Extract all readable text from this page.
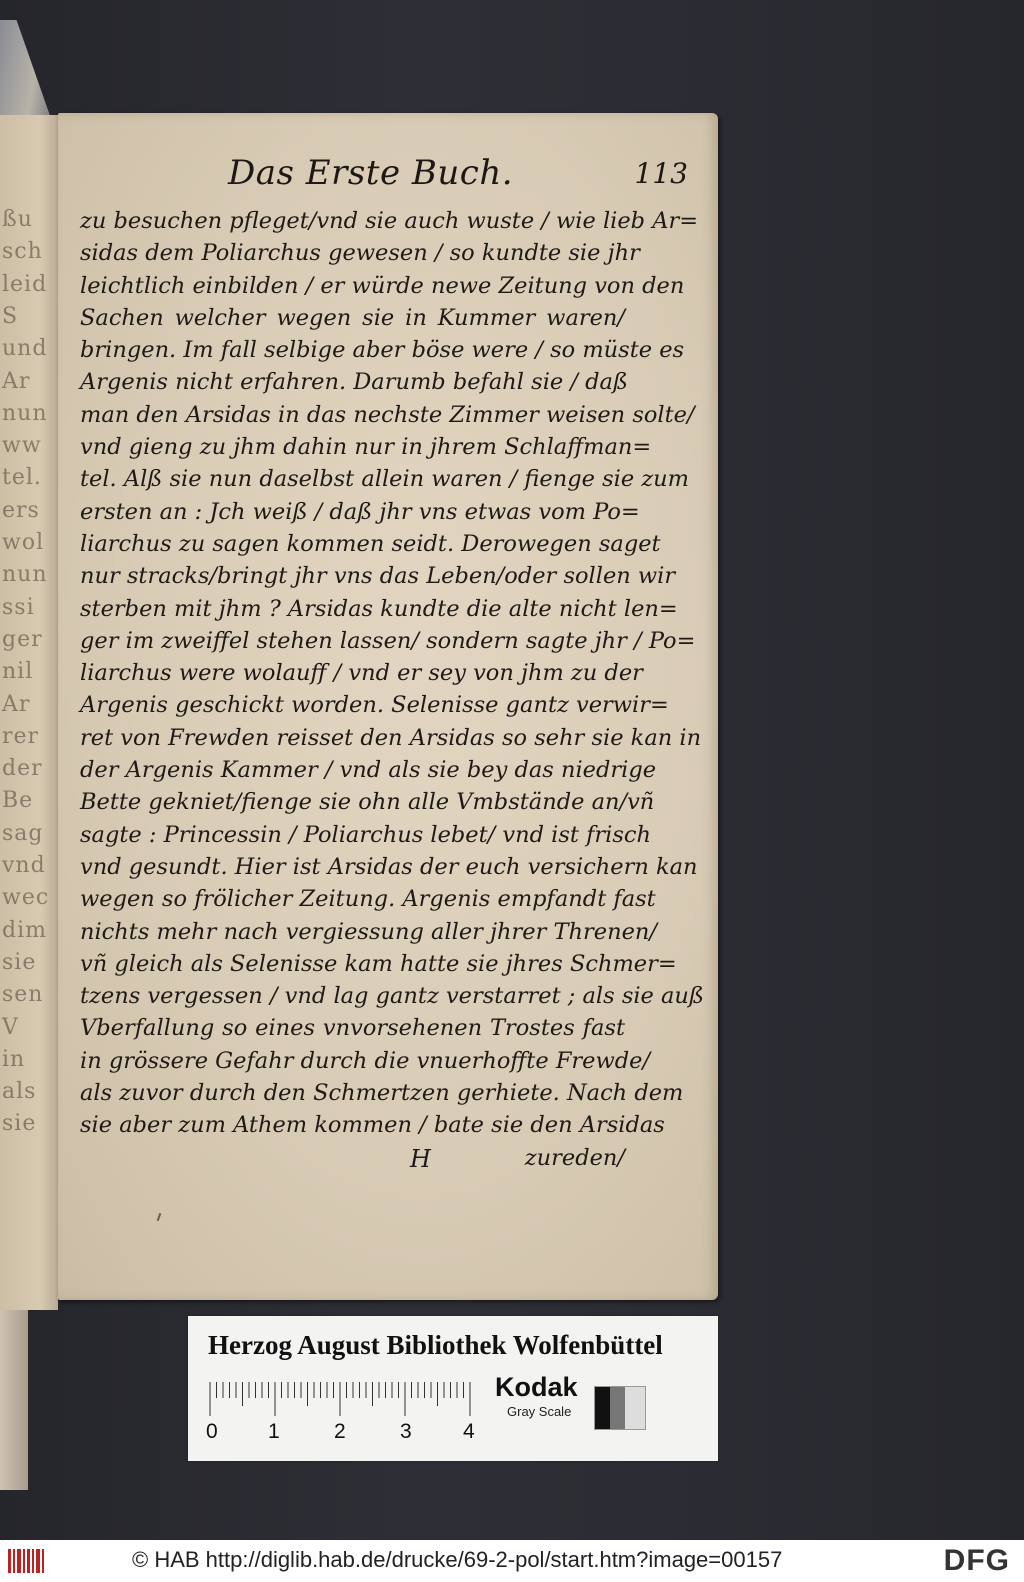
ßu
sch
leid
S
und
Ar
nun
ww
tel.
ers
wol
nun
ssi
ger
nil
Ar
rer
der
Be
sag
vnd
wec
dim
sie
sen
V
in
als
sie
Das Erste Buch.	113
zu besuchen pfleget/vnd sie auch wuste / wie lieb Ar=
sidas dem Poliarchus gewesen / so kundte sie jhr
leichtlich einbilden / er würde newe Zeitung von den
Sachen welcher wegen sie in Kummer waren/
bringen. Im fall selbige aber böse were / so müste es
Argenis nicht erfahren. Darumb befahl sie / daß
man den Arsidas in das nechste Zimmer weisen solte/
vnd gieng zu jhm dahin nur in jhrem Schlaffman=
tel. Alß sie nun daselbst allein waren / fienge sie zum
ersten an : Jch weiß / daß jhr vns etwas vom Po=
liarchus zu sagen kommen seidt. Derowegen saget
nur stracks/bringt jhr vns das Leben/oder sollen wir
sterben mit jhm ? Arsidas kundte die alte nicht len=
ger im zweiffel stehen lassen/ sondern sagte jhr / Po=
liarchus were wolauff / vnd er sey von jhm zu der
Argenis geschickt worden. Selenisse gantz verwir=
ret von Frewden reisset den Arsidas so sehr sie kan in
der Argenis Kammer / vnd als sie bey das niedrige
Bette gekniet/fienge sie ohn alle Vmbstände an/vñ
sagte : Princessin / Poliarchus lebet/ vnd ist frisch
vnd gesundt. Hier ist Arsidas der euch versichern kan
wegen so frölicher Zeitung. Argenis empfandt fast
nichts mehr nach vergiessung aller jhrer Threnen/
vñ gleich als Selenisse kam hatte sie jhres Schmer=
tzens vergessen / vnd lag gantz verstarret ; als sie auß
Vberfallung so eines vnvorsehenen Trostes fast
in grössere Gefahr durch die vnuerhoffte Frewde/
als zuvor durch den Schmertzen gerhiete. Nach dem
sie aber zum Athem kommen / bate sie den Arsidas
H	zureden/
Herzog August Bibliothek Wolfenbüttel
0 1	2	3 4
Kodak
Gray Scale
© HAB http://diglib.hab.de/drucke/69-2-pol/start.htm?image=00157	DFG
